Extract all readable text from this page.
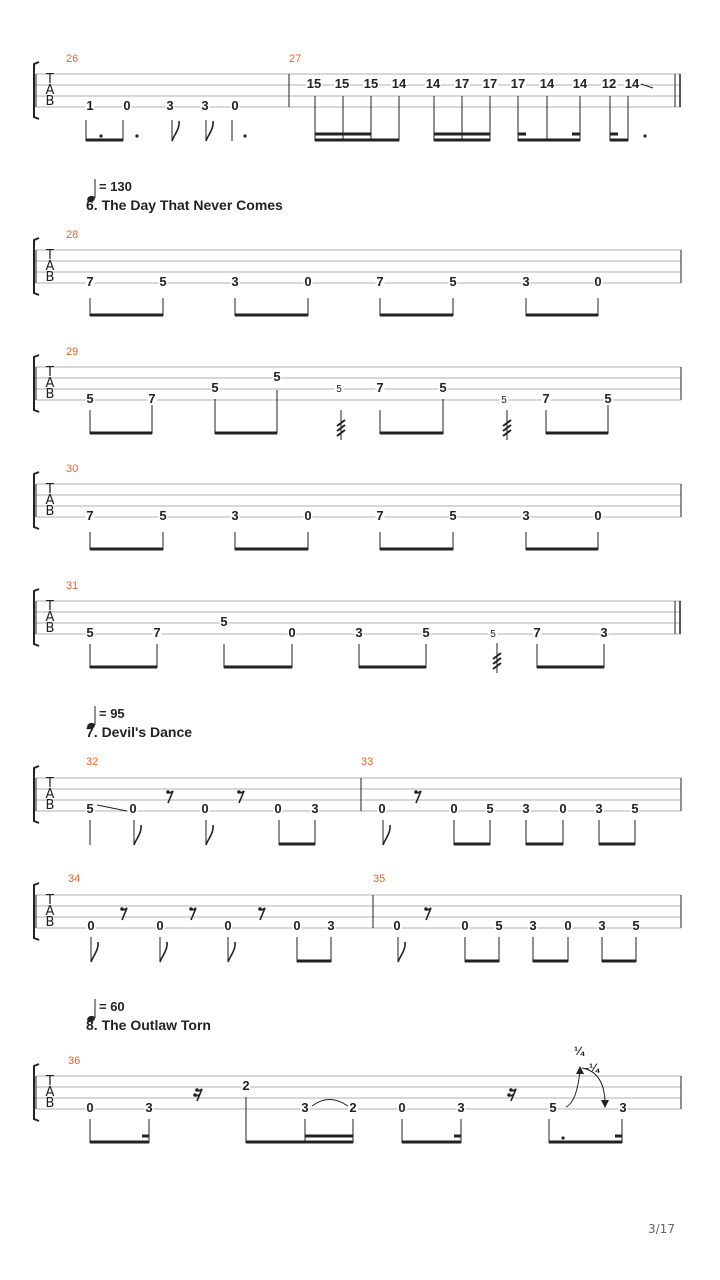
T
A
B
T
A
B
T
A
B
T
A
B
T
A
B
T
A
B
T
A
B
T
A
B
26	27
28
29
30
31
32	33
34	35
36
1 0	3 3 0
15 15 15 14 14 17 17 17 14 14 12 14
7	5	3	0	7	5	3	0
5	7
5
5
5	7	5
5	7	5
7	5	3	0	7	5	3	0
5	7
5
0	3	5	5	7	3
5	0	0	0 3	0	0 5 3 0 3 5
0	0	0	0 3	0	0 5 3 0 3 5
0	3
2
3	2	0	3	5	3
= 130
6. The Day That Never Comes
= 95
7. Devil's Dance
= 60
8. The Outlaw Torn
¼
-¼
3/17
